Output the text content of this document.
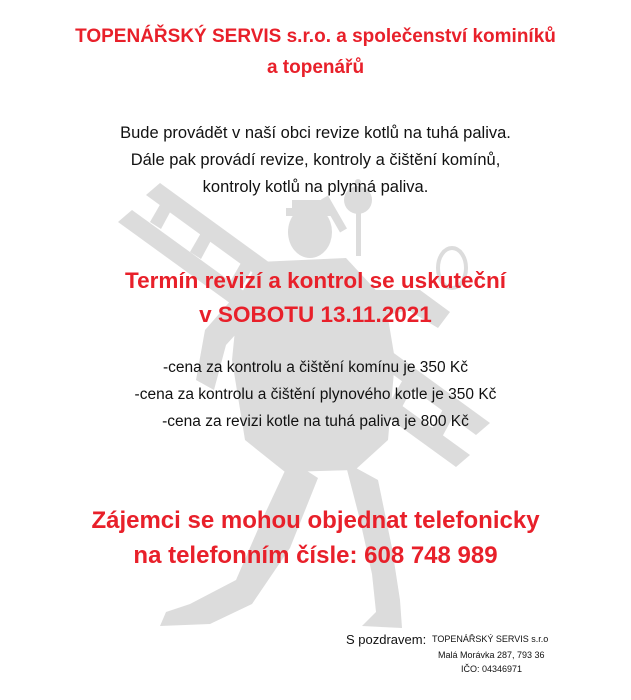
TOPENÁŘSKÝ SERVIS s.r.o. a společenství kominíků
a topenářů
Bude provádět v naší obci revize kotlů na tuhá paliva.
Dále pak provádí revize, kontroly a čištění komínů,
kontroly kotlů na plynná paliva.
Termín revizí a kontrol se uskuteční
v SOBOTU 13.11.2021
-cena za kontrolu a čištění komínu je 350 Kč
-cena za kontrolu a čištění plynového kotle je 350 Kč
-cena za revizi kotle na tuhá paliva je 800 Kč
Zájemci se mohou objednat telefonicky
na telefonním čísle: 608 748 989
S pozdravem: TOPENÁŘSKÝ SERVIS s.r.o
Malá Morávka 287, 793 36
IČO: 04346971
